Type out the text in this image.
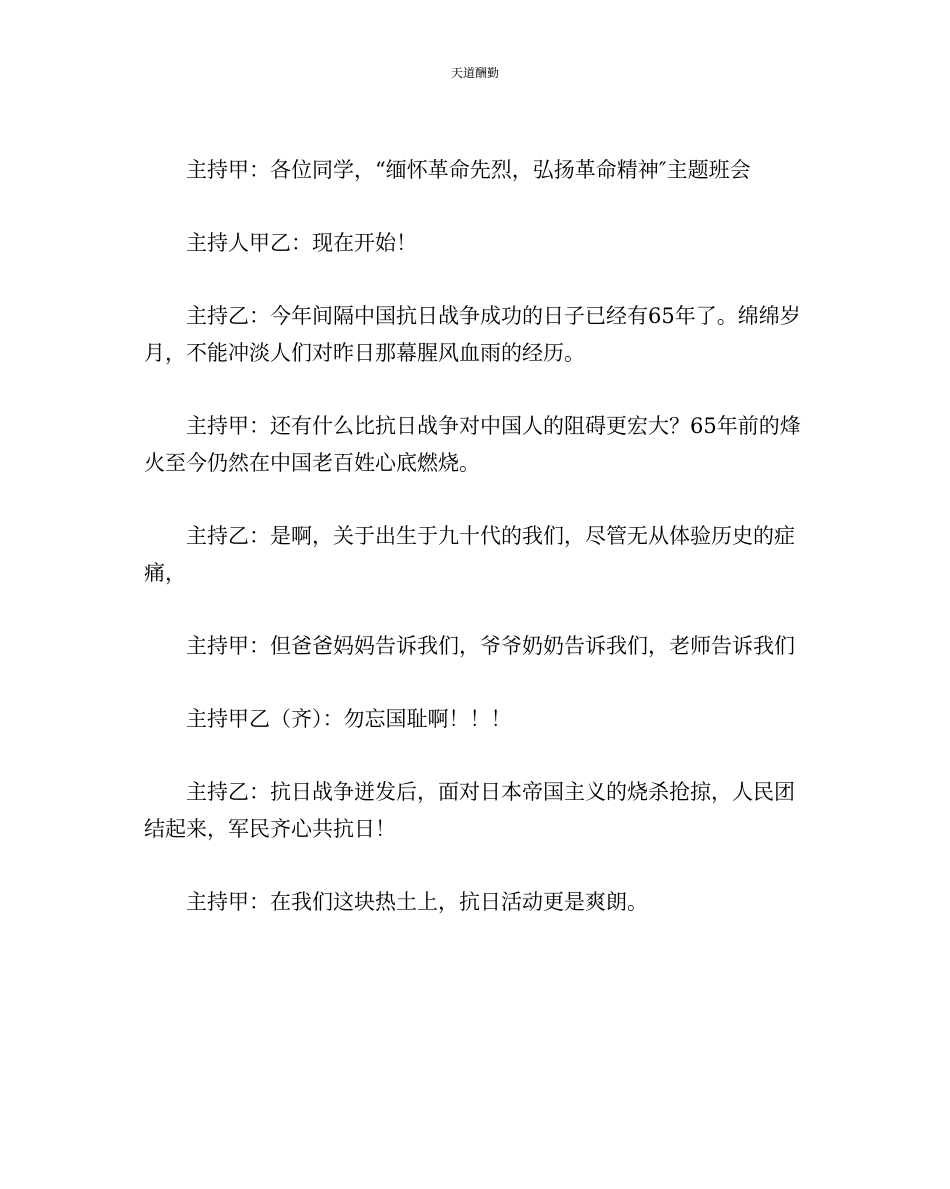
天道酬勤

主持甲：各位同学，“缅怀革命先烈，弘扬革命精神″主题班会

主持人甲乙：现在开始！

主持乙：今年间隔中国抗日战争成功的日子已经有65年了。绵绵岁月，不能冲淡人们对昨日那幕腥风血雨的经历。

主持甲：还有什么比抗日战争对中国人的阻碍更宏大？65年前的烽火至今仍然在中国老百姓心底燃烧。

主持乙：是啊，关于出生于九十代的我们，尽管无从体验历史的症痛，

主持甲：但爸爸妈妈告诉我们，爷爷奶奶告诉我们，老师告诉我们

主持甲乙（齐）：勿忘国耻啊！！！

主持乙：抗日战争迸发后，面对日本帝国主义的烧杀抢掠，人民团结起来，军民齐心共抗日！

主持甲：在我们这块热土上，抗日活动更是爽朗。
